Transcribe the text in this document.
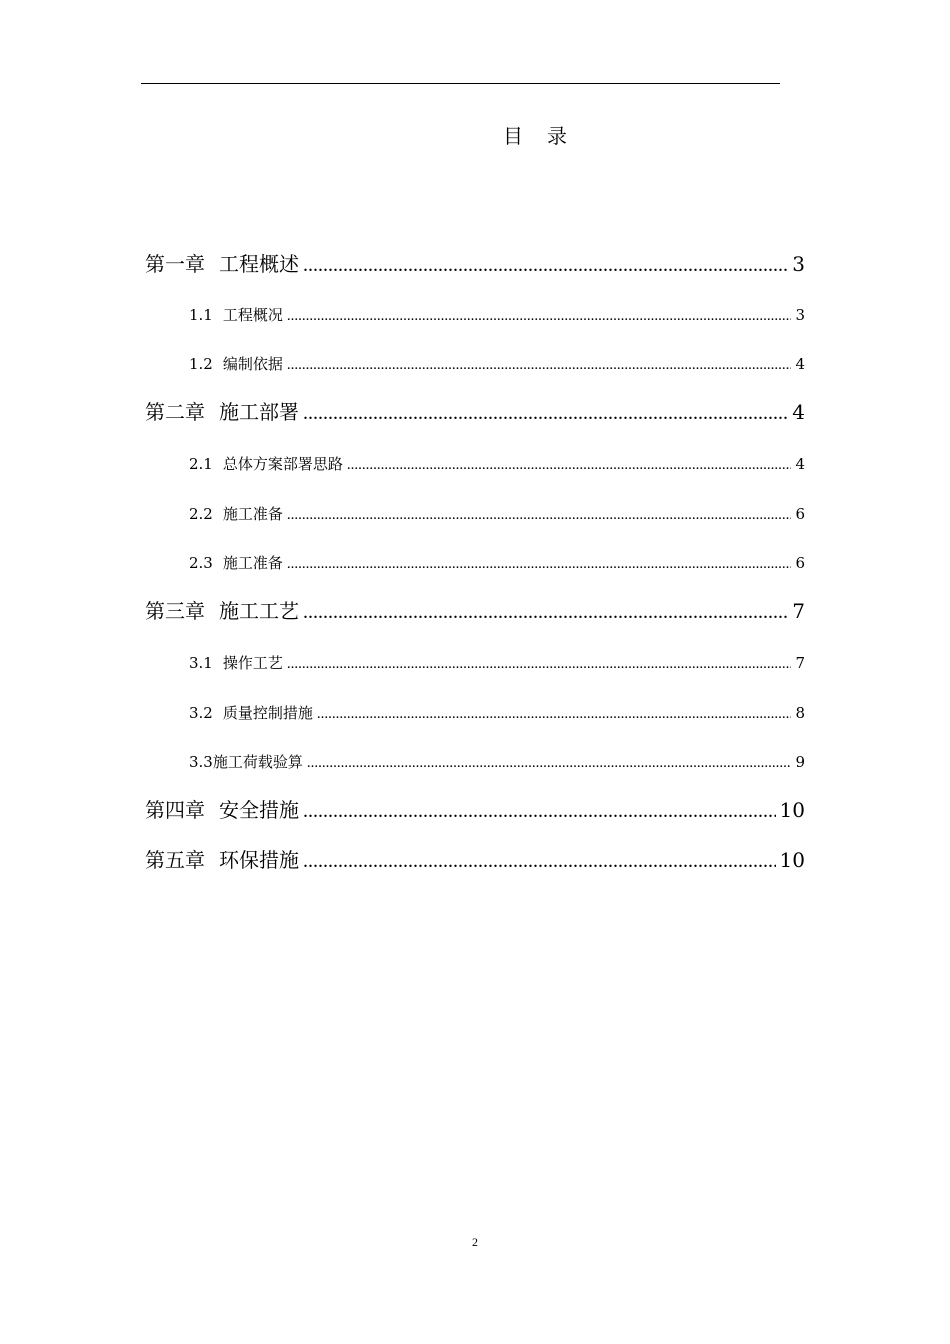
目 录
第一章 工程概述 .....	3
1.1 工程概况 .....	3
1.2 编制依据 .....	4
第二章 施工部署 .....	4
2.1 总体方案部署思路 .....	4
2.2 施工准备 .....	6
2.3 施工准备 .....	6
第三章 施工工艺 .....	7
3.1 操作工艺 .....	7
3.2 质量控制措施 .....	8
3.3 施工荷载验算 .....	9
第四章 安全措施 .....	10
第五章 环保措施 .....	10
2
